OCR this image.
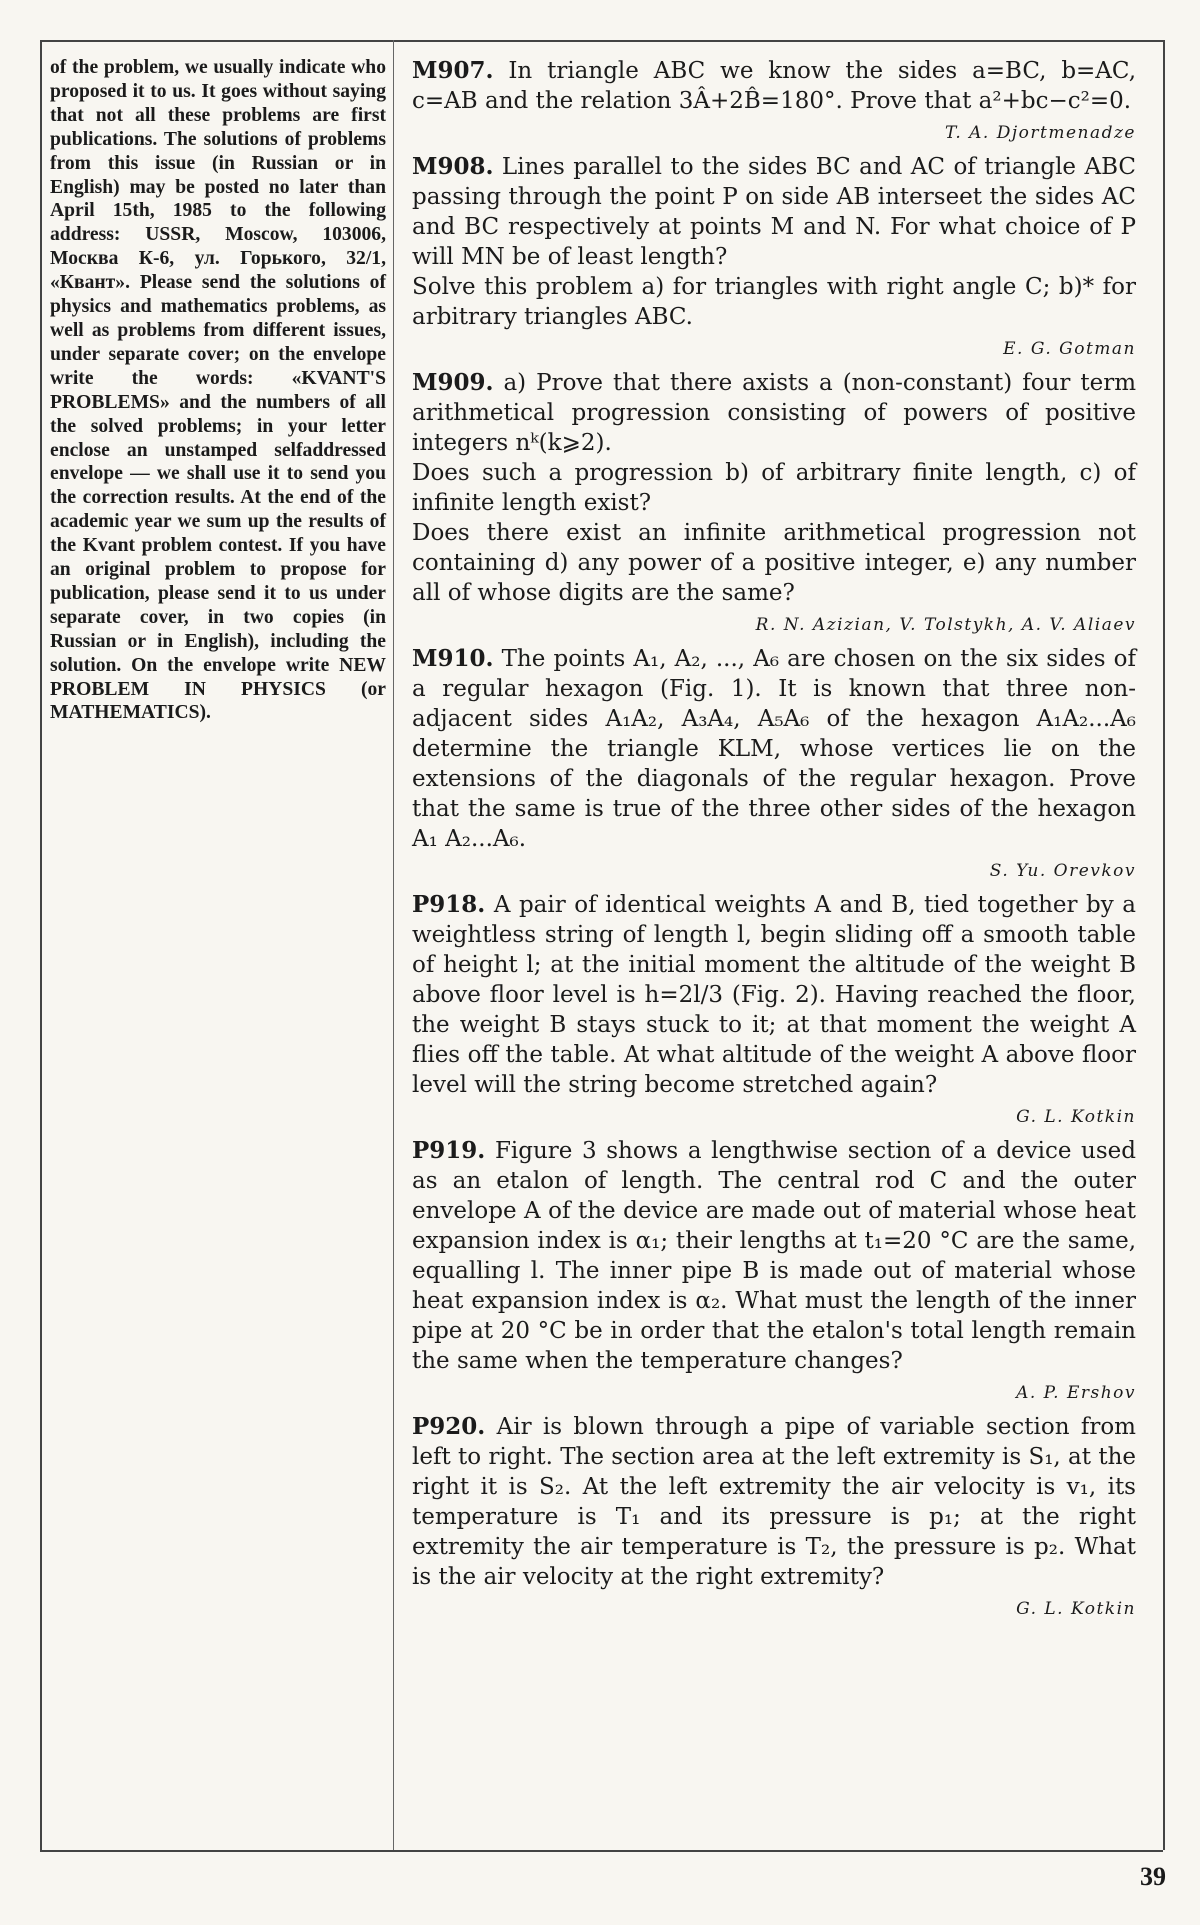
of the problem, we usually indicate who proposed it to us. It goes without saying that not all these problems are first publications. The solutions of problems from this issue (in Russian or in English) may be posted no later than April 15th, 1985 to the following address: USSR, Moscow, 103006, Москва К-6, ул. Горького, 32/1, «Квант». Please send the solutions of physics and mathematics problems, as well as problems from different issues, under separate cover; on the envelope write the words: «KVANT'S PROBLEMS» and the numbers of all the solved problems; in your letter enclose an unstamped selfaddressed envelope — we shall use it to send you the correction results. At the end of the academic year we sum up the results of the Kvant problem contest. If you have an original problem to propose for publication, please send it to us under separate cover, in two copies (in Russian or in English), including the solution. On the envelope write NEW PROBLEM IN PHYSICS (or MATHEMATICS).

M907. In triangle ABC we know the sides a=BC, b=AC, c=AB and the relation 3Â+2B̂=180°. Prove that a²+bc−c²=0.

T. A. Djortmenadze

M908. Lines parallel to the sides BC and AC of triangle ABC passing through the point P on side AB interseet the sides AC and BC respectively at points M and N. For what choice of P will MN be of least length?

Solve this problem a) for triangles with right angle C; b)* for arbitrary triangles ABC.

E. G. Gotman

M909. a) Prove that there axists a (non-constant) four term arithmetical progression consisting of powers of positive integers nᵏ(k⩾2).

Does such a progression b) of arbitrary finite length, c) of infinite length exist?

Does there exist an infinite arithmetical progression not containing d) any power of a positive integer, e) any number all of whose digits are the same?

R. N. Azizian, V. Tolstykh, A. V. Aliaev

M910. The points A₁, A₂, ..., A₆ are chosen on the six sides of a regular hexagon (Fig. 1). It is known that three non-adjacent sides A₁A₂, A₃A₄, A₅A₆ of the hexagon A₁A₂...A₆ determine the triangle KLM, whose vertices lie on the extensions of the diagonals of the regular hexagon. Prove that the same is true of the three other sides of the hexagon A₁ A₂...A₆.

S. Yu. Orevkov

P918. A pair of identical weights A and B, tied together by a weightless string of length l, begin sliding off a smooth table of height l; at the initial moment the altitude of the weight B above floor level is h=2l/3 (Fig. 2). Having reached the floor, the weight B stays stuck to it; at that moment the weight A flies off the table. At what altitude of the weight A above floor level will the string become stretched again?

G. L. Kotkin

P919. Figure 3 shows a lengthwise section of a device used as an etalon of length. The central rod C and the outer envelope A of the device are made out of material whose heat expansion index is α₁; their lengths at t₁=20 °C are the same, equalling l. The inner pipe B is made out of material whose heat expansion index is α₂. What must the length of the inner pipe at 20 °C be in order that the etalon's total length remain the same when the temperature changes?

A. P. Ershov

P920. Air is blown through a pipe of variable section from left to right. The section area at the left extremity is S₁, at the right it is S₂. At the left extremity the air velocity is v₁, its temperature is T₁ and its pressure is p₁; at the right extremity the air temperature is T₂, the pressure is p₂. What is the air velocity at the right extremity?

G. L. Kotkin
39
